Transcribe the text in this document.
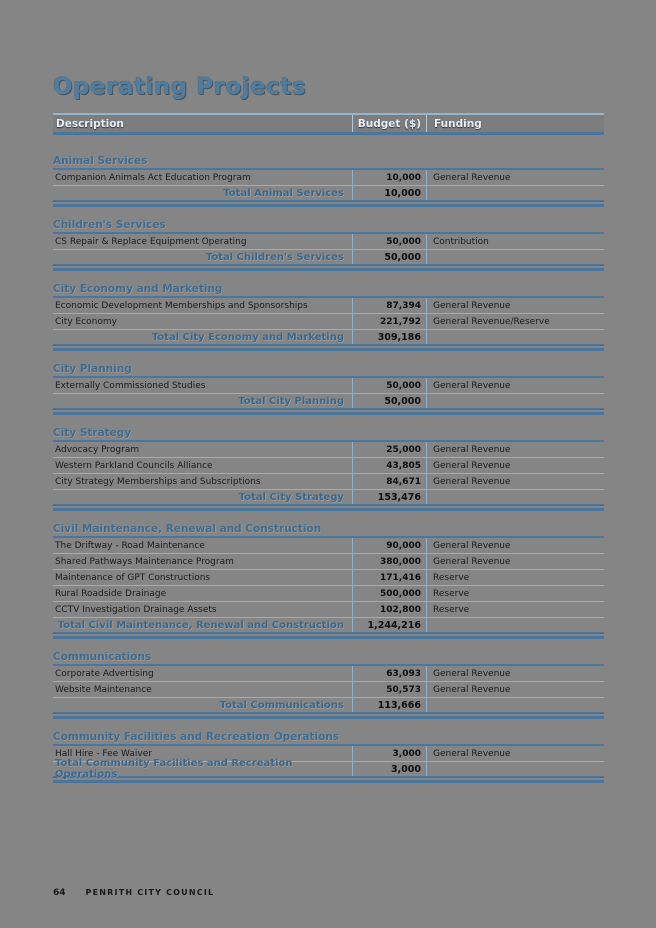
Operating Projects
Description	Budget ($)	Funding
Animal Services
Companion Animals Act Education Program	10,000	General Revenue
Total Animal Services	10,000
Children's Services
CS Repair & Replace Equipment Operating	50,000	Contribution
Total Children's Services	50,000
City Economy and Marketing
Economic Development Memberships and Sponsorships	87,394	General Revenue
City Economy	221,792	General Revenue/Reserve
Total City Economy and Marketing	309,186
City Planning
Externally Commissioned Studies	50,000	General Revenue
Total City Planning	50,000
City Strategy
Advocacy Program	25,000	General Revenue
Western Parkland Councils Alliance	43,805	General Revenue
City Strategy Memberships and Subscriptions	84,671	General Revenue
Total City Strategy	153,476
Civil Maintenance, Renewal and Construction
The Driftway - Road Maintenance	90,000	General Revenue
Shared Pathways Maintenance Program	380,000	General Revenue
Maintenance of GPT Constructions	171,416	Reserve
Rural Roadside Drainage	500,000	Reserve
CCTV Investigation Drainage Assets	102,800	Reserve
Total Civil Maintenance, Renewal and Construction	1,244,216
Communications
Corporate Advertising	63,093	General Revenue
Website Maintenance	50,573	General Revenue
Total Communications	113,666
Community Facilities and Recreation Operations
Hall Hire - Fee Waiver	3,000	General Revenue
Total Community Facilities and Recreation Operations	3,000
64	PENRITH CITY COUNCIL
